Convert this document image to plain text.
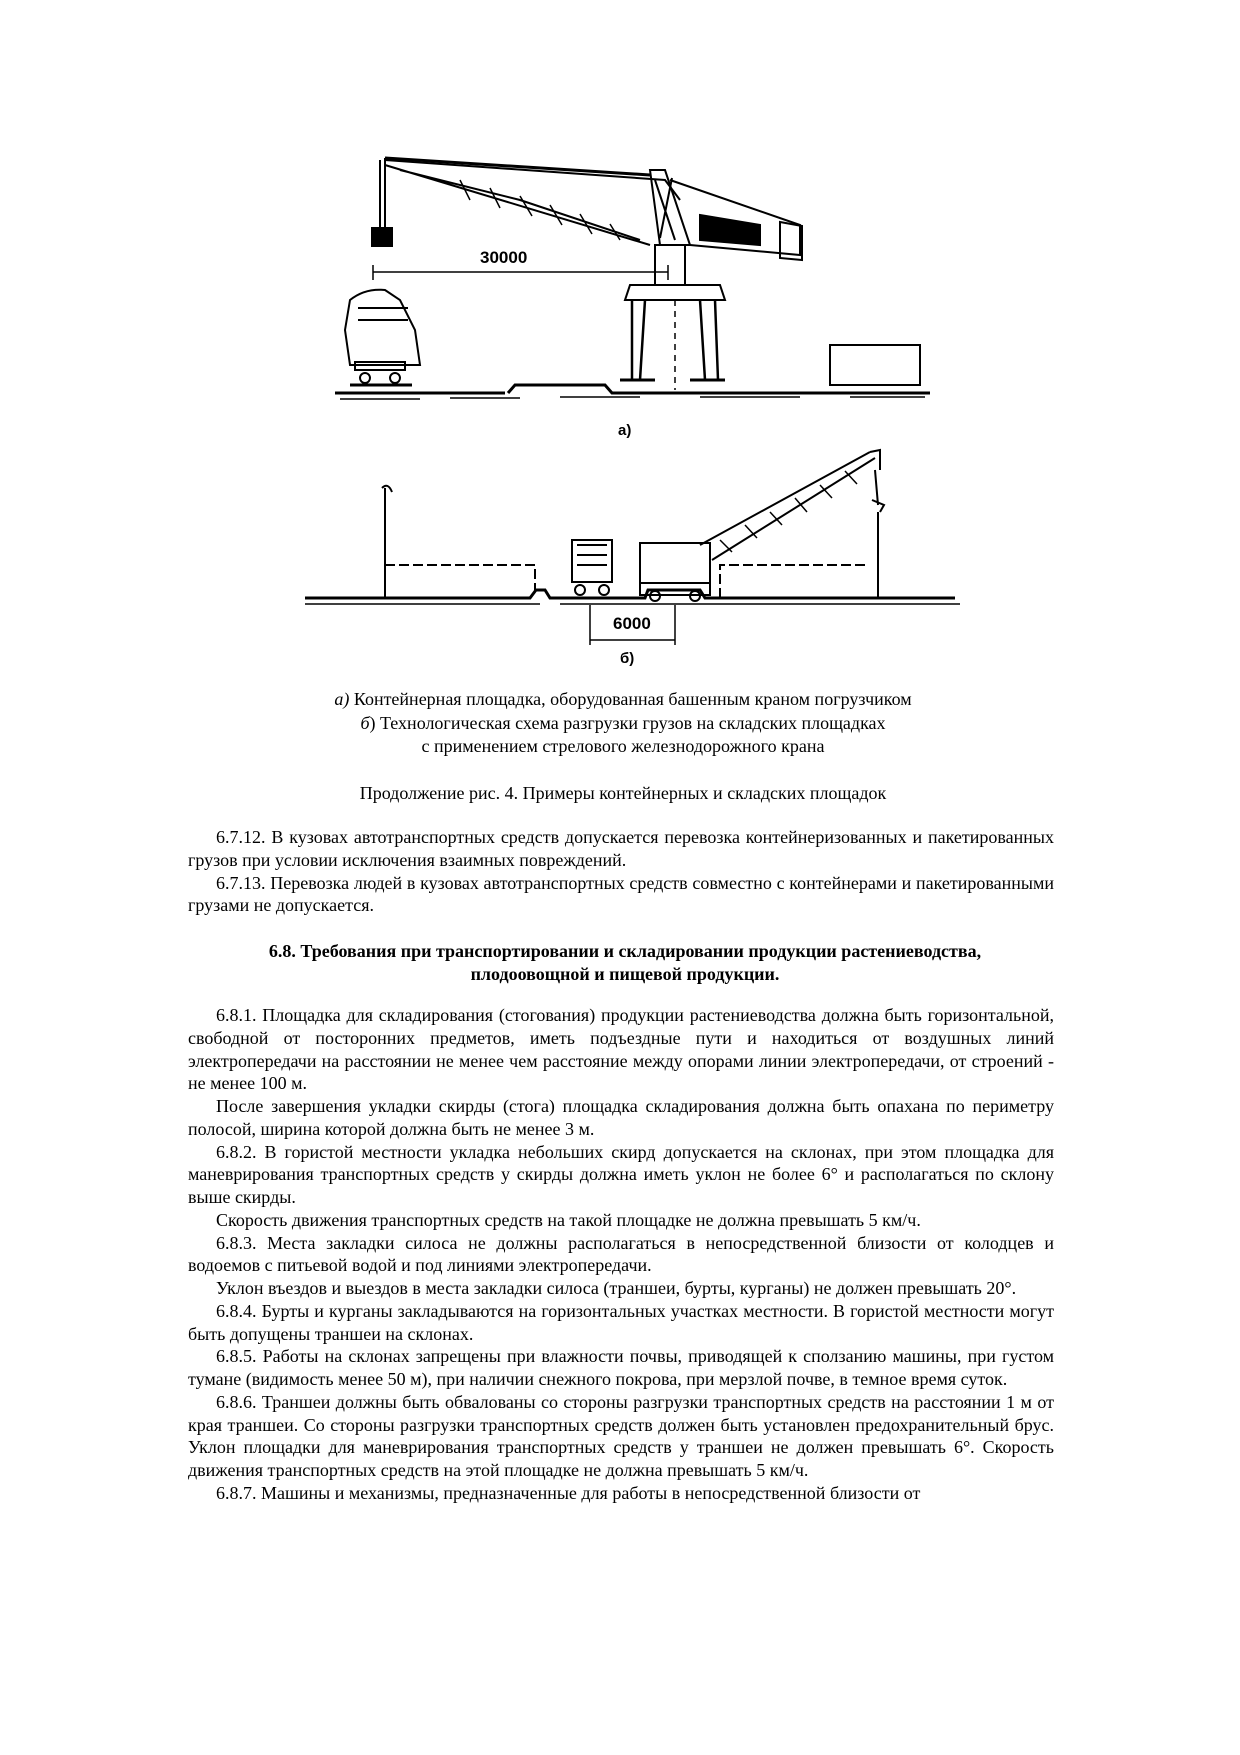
30000
а)
6000
б)
а) Контейнерная площадка, оборудованная башенным краном погрузчиком
б) Технологическая схема разгрузки грузов на складских площадках
с применением стрелового железнодорожного крана
Продолжение рис. 4. Примеры контейнерных и складских площадок

6.7.12. В кузовах автотранспортных средств допускается перевозка контейнеризованных и пакетированных грузов при условии исключения взаимных повреждений.

6.7.13. Перевозка людей в кузовах автотранспортных средств совместно с контейнерами и пакетированными грузами не допускается.

6.8. Требования при транспортировании и складировании продукции растениеводства, плодоовощной и пищевой продукции.

6.8.1. Площадка для складирования (стогования) продукции растениеводства должна быть горизонтальной, свободной от посторонних предметов, иметь подъездные пути и находиться от воздушных линий электропередачи на расстоянии не менее чем расстояние между опорами линии электропередачи, от строений - не менее 100 м.

После завершения укладки скирды (стога) площадка складирования должна быть опахана по периметру полосой, ширина которой должна быть не менее 3 м.

6.8.2. В гористой местности укладка небольших скирд допускается на склонах, при этом площадка для маневрирования транспортных средств у скирды должна иметь уклон не более 6° и располагаться по склону выше скирды.

Скорость движения транспортных средств на такой площадке не должна превышать 5 км/ч.

6.8.3. Места закладки силоса не должны располагаться в непосредственной близости от колодцев и водоемов с питьевой водой и под линиями электропередачи.

Уклон въездов и выездов в места закладки силоса (траншеи, бурты, курганы) не должен превышать 20°.

6.8.4. Бурты и курганы закладываются на горизонтальных участках местности. В гористой местности могут быть допущены траншеи на склонах.

6.8.5. Работы на склонах запрещены при влажности почвы, приводящей к сползанию машины, при густом тумане (видимость менее 50 м), при наличии снежного покрова, при мерзлой почве, в темное время суток.

6.8.6. Траншеи должны быть обвалованы со стороны разгрузки транспортных средств на расстоянии 1 м от края траншеи. Со стороны разгрузки транспортных средств должен быть установлен предохранительный брус. Уклон площадки для маневрирования транспортных средств у траншеи не должен превышать 6°. Скорость движения транспортных средств на этой площадке не должна превышать 5 км/ч.

6.8.7. Машины и механизмы, предназначенные для работы в непосредственной близости от
